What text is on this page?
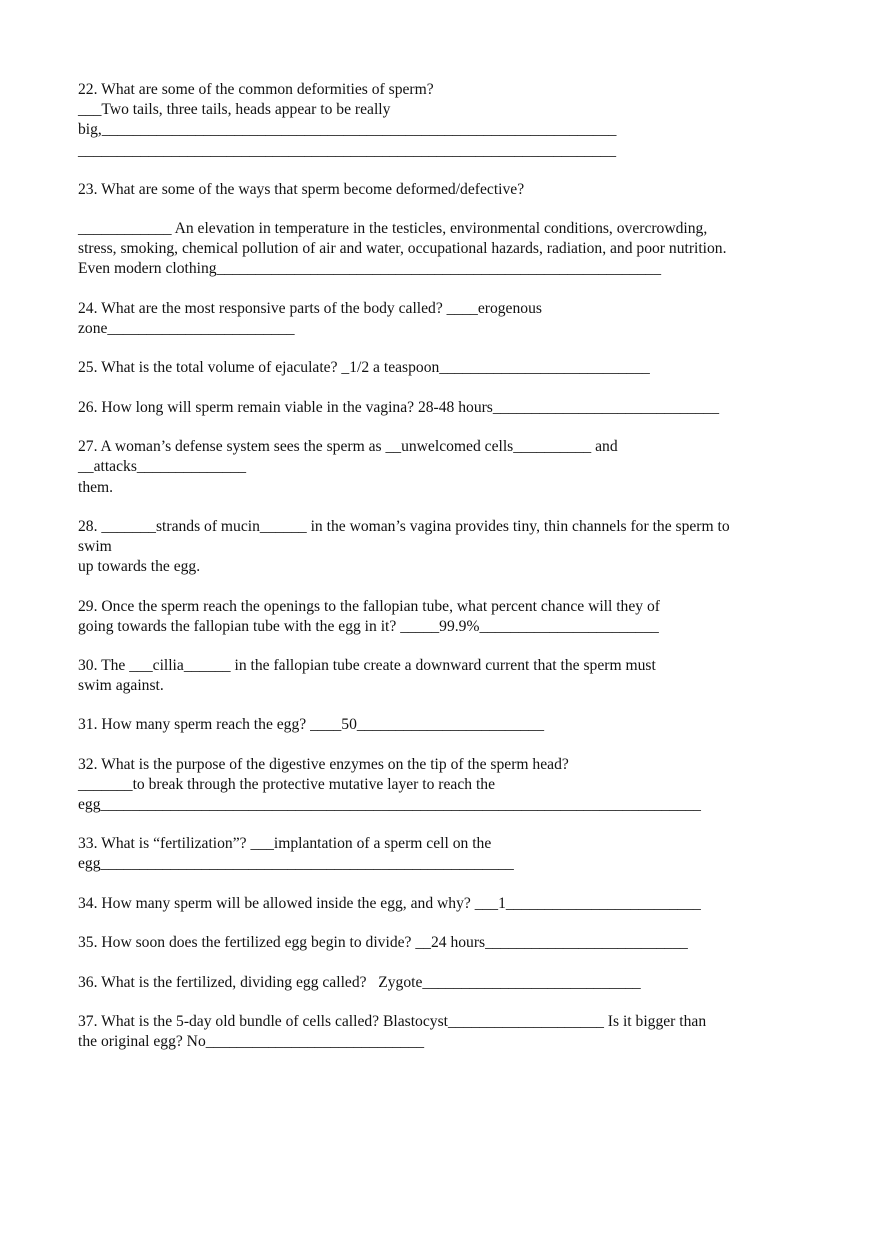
22. What are some of the common deformities of sperm?
___Two tails, three tails, heads appear to be really
big,__________________________________________________________________
_____________________________________________________________________
23. What are some of the ways that sperm become deformed/defective?
____________ An elevation in temperature in the testicles, environmental conditions, overcrowding,
stress, smoking, chemical pollution of air and water, occupational hazards, radiation, and poor nutrition.
Even modern clothing_________________________________________________________
24. What are the most responsive parts of the body called? ____erogenous
zone________________________
25. What is the total volume of ejaculate? _1/2 a teaspoon___________________________
26. How long will sperm remain viable in the vagina? 28-48 hours_____________________________
27. A woman’s defense system sees the sperm as __unwelcomed cells__________ and
__attacks______________
them.
28. _______strands of mucin______ in the woman’s vagina provides tiny, thin channels for the sperm to
swim
up towards the egg.
29. Once the sperm reach the openings to the fallopian tube, what percent chance will they of
going towards the fallopian tube with the egg in it? _____99.9%_______________________
30. The ___cillia______ in the fallopian tube create a downward current that the sperm must
swim against.
31. How many sperm reach the egg? ____50________________________
32. What is the purpose of the digestive enzymes on the tip of the sperm head?
_______to break through the protective mutative layer to reach the
egg_____________________________________________________________________________
33. What is “fertilization”? ___implantation of a sperm cell on the
egg_____________________________________________________
34. How many sperm will be allowed inside the egg, and why? ___1_________________________
35. How soon does the fertilized egg begin to divide? __24 hours__________________________
36. What is the fertilized, dividing egg called?   Zygote____________________________
37. What is the 5-day old bundle of cells called? Blastocyst____________________ Is it bigger than
the original egg? No____________________________
